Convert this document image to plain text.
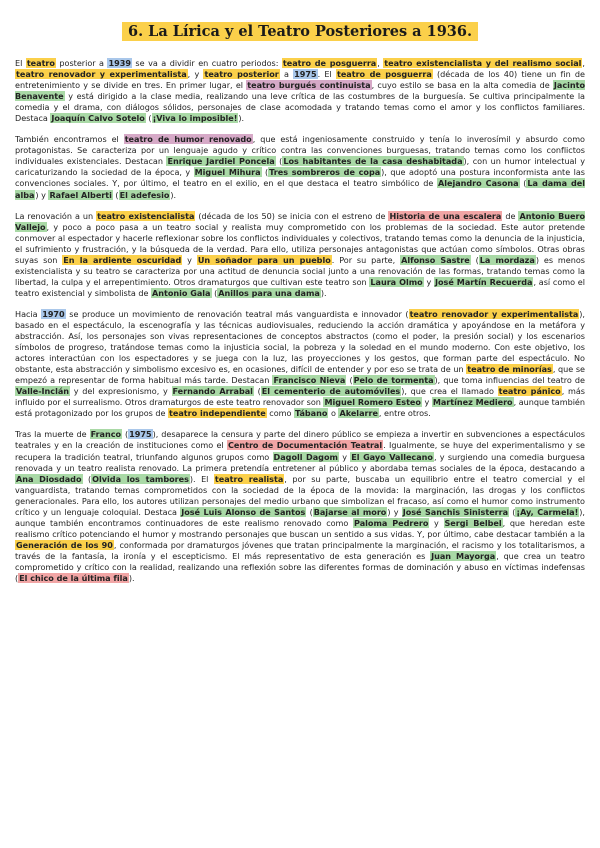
6. La Lírica y el Teatro Posteriores a 1936.

El teatro posterior a 1939 se va a dividir en cuatro periodos: teatro de posguerra, teatro existencialista y del realismo social, teatro renovador y experimentalista, y teatro posterior a 1975. El teatro de posguerra (década de los 40) tiene un fin de entretenimiento y se divide en tres. En primer lugar, el teatro burgués continuista, cuyo estilo se basa en la alta comedia de Jacinto Benavente y está dirigido a la clase media, realizando una leve crítica de las costumbres de la burguesía. Se cultiva principalmente la comedia y el drama, con diálogos sólidos, personajes de clase acomodada y tratando temas como el amor y los conflictos familiares. Destaca Joaquín Calvo Sotelo (¡Viva lo imposible!).

También encontramos el teatro de humor renovado, que está ingeniosamente construido y tenía lo inverosímil y absurdo como protagonistas. Se caracteriza por un lenguaje agudo y crítico contra las convenciones burguesas, tratando temas como los conflictos individuales existenciales. Destacan Enrique Jardiel Poncela (Los habitantes de la casa deshabitada), con un humor intelectual y caricaturizando la sociedad de la época, y Miguel Mihura (Tres sombreros de copa), que adoptó una postura inconformista ante las convenciones sociales. Y, por último, el teatro en el exilio, en el que destaca el teatro simbólico de Alejandro Casona (La dama del alba) y Rafael Alberti (El adefesio).

La renovación a un teatro existencialista (década de los 50) se inicia con el estreno de Historia de una escalera de Antonio Buero Vallejo, y poco a poco pasa a un teatro social y realista muy comprometido con los problemas de la sociedad. Este autor pretende conmover al espectador y hacerle reflexionar sobre los conflictos individuales y colectivos, tratando temas como la denuncia de la injusticia, el sufrimiento y frustración, y la búsqueda de la verdad. Para ello, utiliza personajes antagonistas que actúan como símbolos. Otras obras suyas son En la ardiente oscuridad y Un soñador para un pueblo. Por su parte, Alfonso Sastre (La mordaza) es menos existencialista y su teatro se caracteriza por una actitud de denuncia social junto a una renovación de las formas, tratando temas como la libertad, la culpa y el arrepentimiento. Otros dramaturgos que cultivan este teatro son Laura Olmo y José Martín Recuerda, así como el teatro existencial y simbolista de Antonio Gala (Anillos para una dama).

Hacia 1970 se produce un movimiento de renovación teatral más vanguardista e innovador (teatro renovador y experimentalista), basado en el espectáculo, la escenografía y las técnicas audiovisuales, reduciendo la acción dramática y apoyándose en la metáfora y abstracción. Así, los personajes son vivas representaciones de conceptos abstractos (como el poder, la presión social) y los escenarios símbolos de progreso, tratándose temas como la injusticia social, la pobreza y la soledad en el mundo moderno. Con este objetivo, los actores interactúan con los espectadores y se juega con la luz, las proyecciones y los gestos, que forman parte del espectáculo. No obstante, esta abstracción y simbolismo excesivo es, en ocasiones, difícil de entender y por eso se trata de un teatro de minorías, que se empezó a representar de forma habitual más tarde. Destacan Francisco Nieva (Pelo de tormenta), que toma influencias del teatro de Valle-Inclán y del expresionismo, y Fernando Arrabal (El cementerio de automóviles), que crea el llamado teatro pánico, más influido por el surrealismo. Otros dramaturgos de este teatro renovador son Miguel Romero Esteo y Martínez Mediero, aunque también está protagonizado por los grupos de teatro independiente como Tábano o Akelarre, entre otros.

Tras la muerte de Franco (1975), desaparece la censura y parte del dinero público se empieza a invertir en subvenciones a espectáculos teatrales y en la creación de instituciones como el Centro de Documentación Teatral. Igualmente, se huye del experimentalismo y se recupera la tradición teatral, triunfando algunos grupos como Dagoll Dagom y El Gayo Vallecano, y surgiendo una comedia burguesa renovada y un teatro realista renovado. La primera pretendía entretener al público y abordaba temas sociales de la época, destacando a Ana Diosdado (Olvida los tambores). El teatro realista, por su parte, buscaba un equilibrio entre el teatro comercial y el vanguardista, tratando temas comprometidos con la sociedad de la época de la movida: la marginación, las drogas y los conflictos generacionales. Para ello, los autores utilizan personajes del medio urbano que simbolizan el fracaso, así como el humor como instrumento crítico y un lenguaje coloquial. Destaca José Luis Alonso de Santos (Bajarse al moro) y José Sanchis Sinisterra (¡Ay, Carmela!), aunque también encontramos continuadores de este realismo renovado como Paloma Pedrero y Sergi Belbel, que heredan este realismo crítico potenciando el humor y mostrando personajes que buscan un sentido a sus vidas. Y, por último, cabe destacar también a la Generación de los 90, conformada por dramaturgos jóvenes que tratan principalmente la marginación, el racismo y los totalitarismos, a través de la fantasía, la ironía y el escepticismo. El más representativo de esta generación es Juan Mayorga, que crea un teatro comprometido y crítico con la realidad, realizando una reflexión sobre las diferentes formas de dominación y abuso en víctimas indefensas (El chico de la última fila).
